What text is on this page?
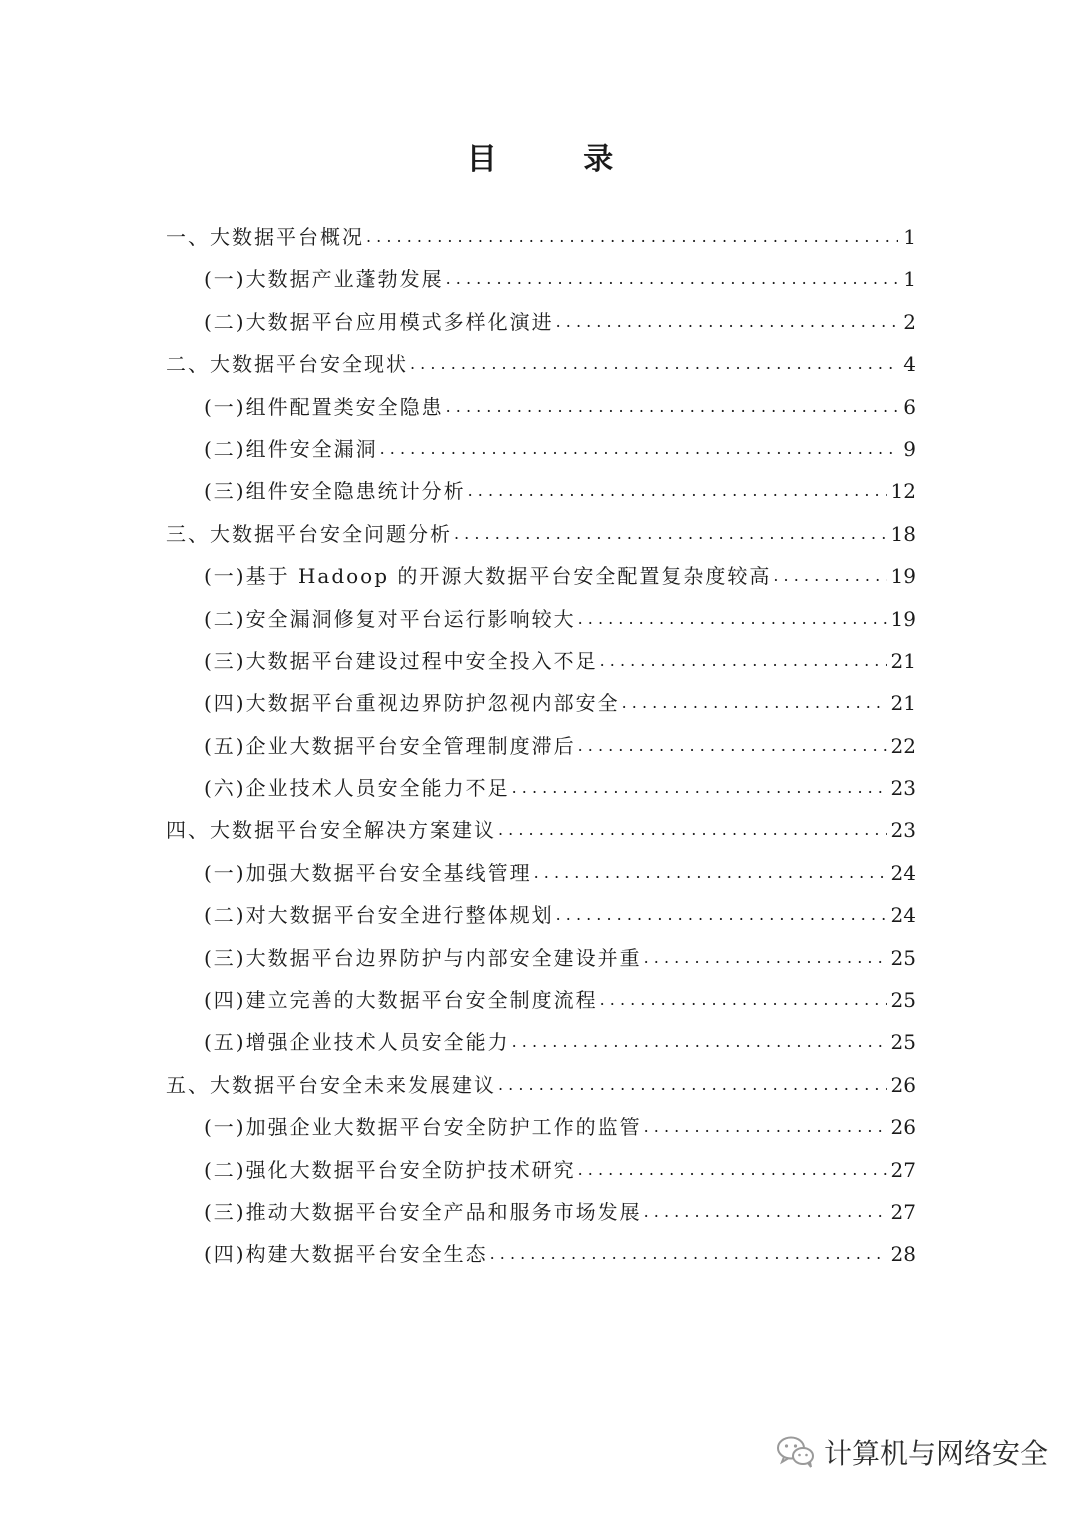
目 录
一、大数据平台概况 . . .	1
(一)大数据产业蓬勃发展 . . .	1
(二)大数据平台应用模式多样化演进 . . .	2
二、大数据平台安全现状 . . .	4
(一)组件配置类安全隐患 . . .	6
(二)组件安全漏洞 . . .	9
(三)组件安全隐患统计分析 . . .	12
三、大数据平台安全问题分析 . . .	18
(一)基于 Hadoop 的开源大数据平台安全配置复杂度较高 . . .	19
(二)安全漏洞修复对平台运行影响较大 . . .	19
(三)大数据平台建设过程中安全投入不足 . . .	21
(四)大数据平台重视边界防护忽视内部安全 . . .	21
(五)企业大数据平台安全管理制度滞后 . . .	22
(六)企业技术人员安全能力不足 . . .	23
四、大数据平台安全解决方案建议 . . .	23
(一)加强大数据平台安全基线管理 . . .	24
(二)对大数据平台安全进行整体规划 . . .	24
(三)大数据平台边界防护与内部安全建设并重 . . .	25
(四)建立完善的大数据平台安全制度流程 . . .	25
(五)增强企业技术人员安全能力 . . .	25
五、大数据平台安全未来发展建议 . . .	26
(一)加强企业大数据平台安全防护工作的监管 . . .	26
(二)强化大数据平台安全防护技术研究 . . .	27
(三)推动大数据平台安全产品和服务市场发展 . . .	27
(四)构建大数据平台安全生态 . . .	28
计算机与网络安全
